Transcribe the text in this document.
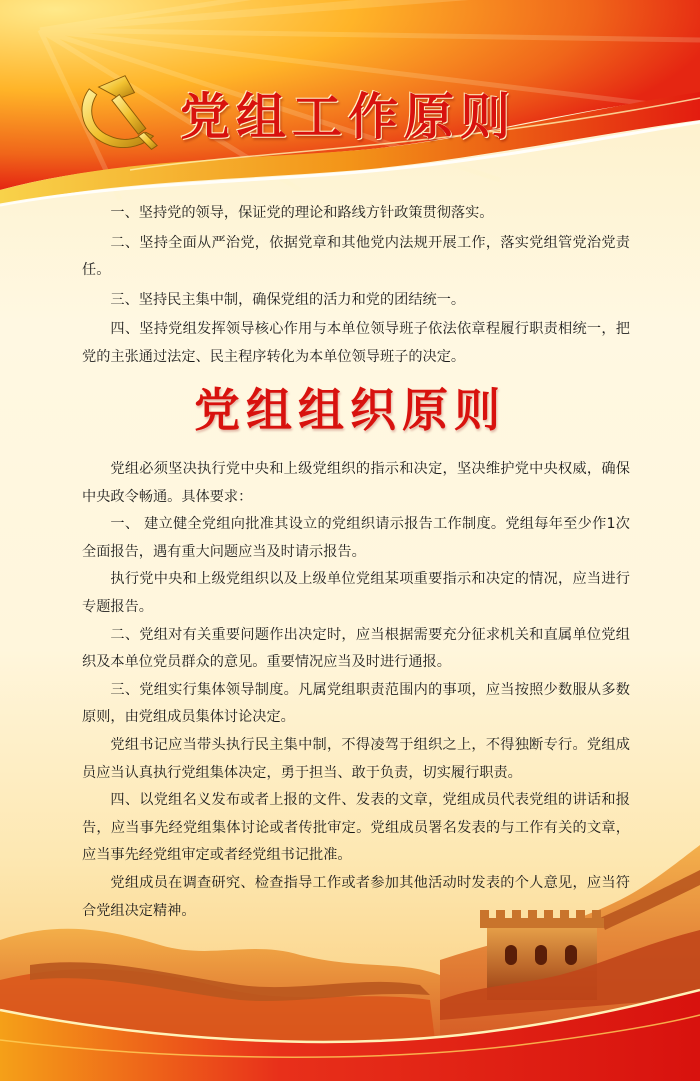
党组工作原则

一、坚持党的领导，保证党的理论和路线方针政策贯彻落实。

二、坚持全面从严治党，依据党章和其他党内法规开展工作，落实党组管党治党责任。

三、坚持民主集中制，确保党组的活力和党的团结统一。

四、坚持党组发挥领导核心作用与本单位领导班子依法依章程履行职责相统一，把党的主张通过法定、民主程序转化为本单位领导班子的决定。

党组组织原则

党组必须坚决执行党中央和上级党组织的指示和决定，坚决维护党中央权威，确保中央政令畅通。具体要求：

一、 建立健全党组向批准其设立的党组织请示报告工作制度。党组每年至少作1次全面报告，遇有重大问题应当及时请示报告。

执行党中央和上级党组织以及上级单位党组某项重要指示和决定的情况，应当进行专题报告。

二、党组对有关重要问题作出决定时，应当根据需要充分征求机关和直属单位党组织及本单位党员群众的意见。重要情况应当及时进行通报。

三、党组实行集体领导制度。凡属党组职责范围内的事项，应当按照少数服从多数原则，由党组成员集体讨论决定。

党组书记应当带头执行民主集中制，不得凌驾于组织之上，不得独断专行。党组成员应当认真执行党组集体决定，勇于担当、敢于负责，切实履行职责。

四、以党组名义发布或者上报的文件、发表的文章，党组成员代表党组的讲话和报告，应当事先经党组集体讨论或者传批审定。党组成员署名发表的与工作有关的文章，应当事先经党组审定或者经党组书记批准。

党组成员在调查研究、检查指导工作或者参加其他活动时发表的个人意见，应当符合党组决定精神。
